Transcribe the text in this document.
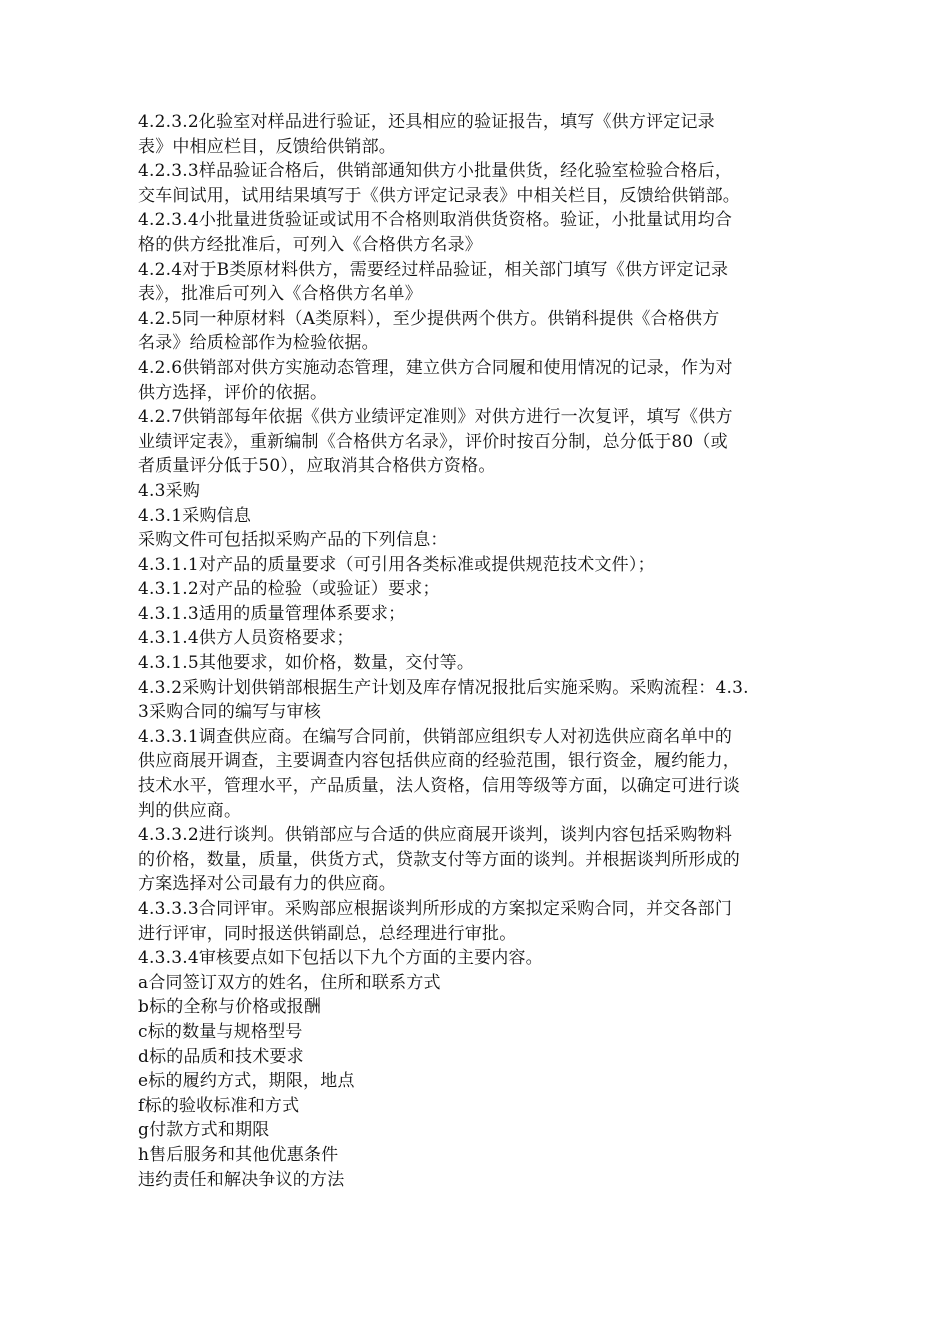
4.2.3.2化验室对样品进行验证，还具相应的验证报告，填写《供方评定记录

表》中相应栏目，反馈给供销部。

4.2.3.3样品验证合格后，供销部通知供方小批量供货，经化验室检验合格后，

交车间试用，试用结果填写于《供方评定记录表》中相关栏目，反馈给供销部。

4.2.3.4小批量进货验证或试用不合格则取消供货资格。验证，小批量试用均合

格的供方经批准后，可列入《合格供方名录》

4.2.4对于B类原材料供方，需要经过样品验证，相关部门填写《供方评定记录

表》，批准后可列入《合格供方名单》

4.2.5同一种原材料（A类原料），至少提供两个供方。供销科提供《合格供方

名录》给质检部作为检验依据。

4.2.6供销部对供方实施动态管理，建立供方合同履和使用情况的记录，作为对

供方选择，评价的依据。

4.2.7供销部每年依据《供方业绩评定准则》对供方进行一次复评，填写《供方

业绩评定表》，重新编制《合格供方名录》，评价时按百分制，总分低于80（或

者质量评分低于50），应取消其合格供方资格。

4.3采购

4.3.1采购信息

采购文件可包括拟采购产品的下列信息：

4.3.1.1对产品的质量要求（可引用各类标准或提供规范技术文件）；

4.3.1.2对产品的检验（或验证）要求；

4.3.1.3适用的质量管理体系要求；

4.3.1.4供方人员资格要求；

4.3.1.5其他要求，如价格，数量，交付等。

4.3.2采购计划供销部根据生产计划及库存情况报批后实施采购。采购流程：4.3.

3采购合同的编写与审核

4.3.3.1调查供应商。在编写合同前，供销部应组织专人对初选供应商名单中的

供应商展开调查，主要调查内容包括供应商的经验范围，银行资金，履约能力，

技术水平，管理水平，产品质量，法人资格，信用等级等方面，以确定可进行谈

判的供应商。

4.3.3.2进行谈判。供销部应与合适的供应商展开谈判，谈判内容包括采购物料

的价格，数量，质量，供货方式，贷款支付等方面的谈判。并根据谈判所形成的

方案选择对公司最有力的供应商。

4.3.3.3合同评审。采购部应根据谈判所形成的方案拟定采购合同，并交各部门

进行评审，同时报送供销副总，总经理进行审批。

4.3.3.4审核要点如下包括以下九个方面的主要内容。

a合同签订双方的姓名，住所和联系方式

b标的全称与价格或报酬

c标的数量与规格型号

d标的品质和技术要求

e标的履约方式，期限，地点

f标的验收标准和方式

g付款方式和期限

h售后服务和其他优惠条件

违约责任和解决争议的方法
